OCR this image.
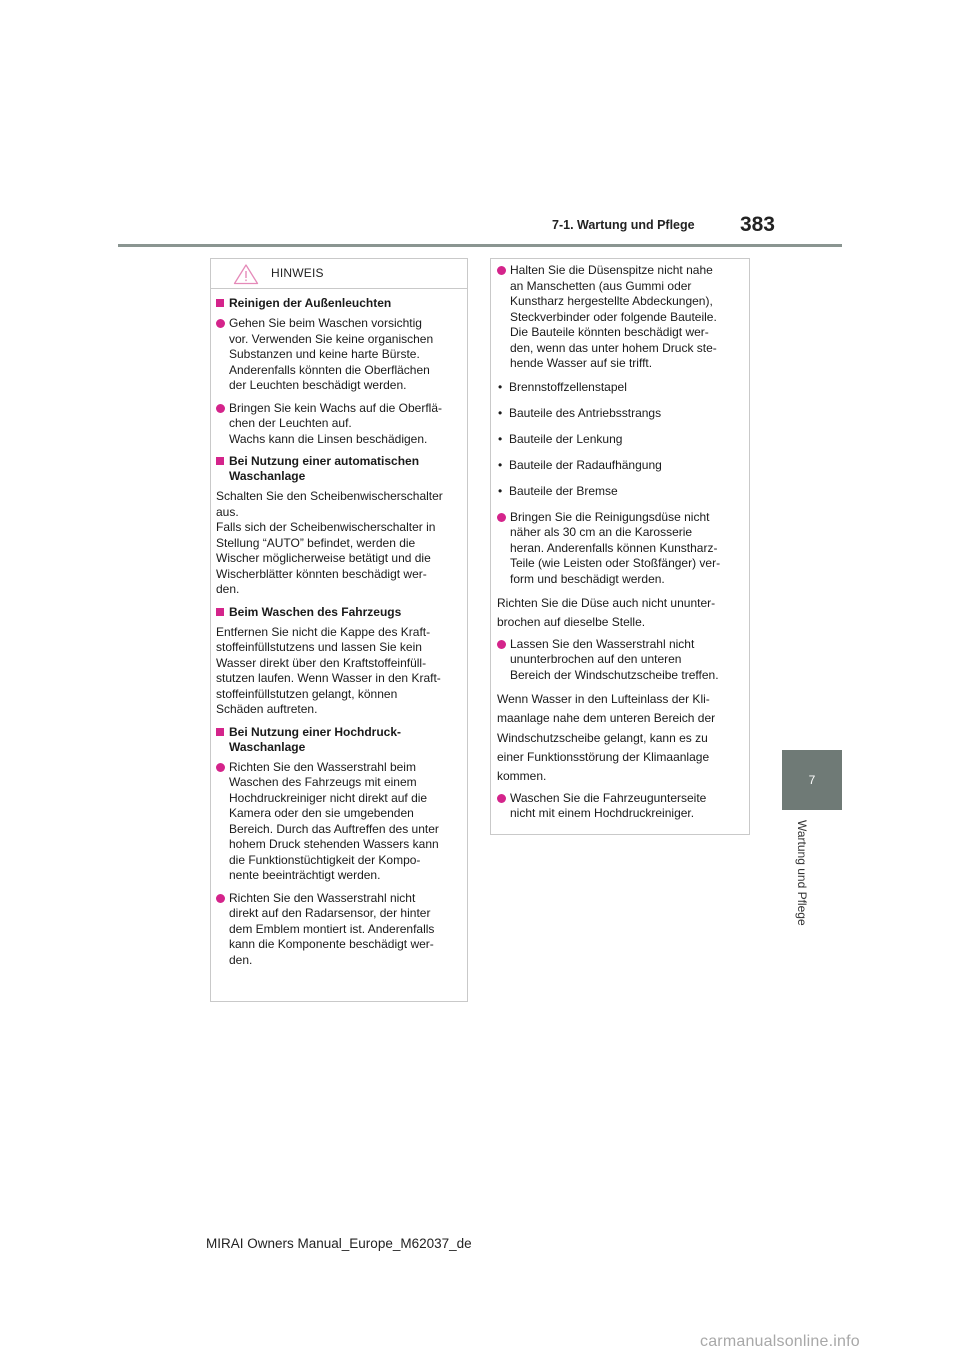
7-1. Wartung und Pflege 383
7
Wartung und Pflege
HINWEIS
Reinigen der Außenleuchten
Gehen Sie beim Waschen vorsichtig
vor. Verwenden Sie keine organischen
Substanzen und keine harte Bürste.
Anderenfalls könnten die Oberflächen
der Leuchten beschädigt werden.
Bringen Sie kein Wachs auf die Oberflä-
chen der Leuchten auf.
Wachs kann die Linsen beschädigen.
Bei Nutzung einer automatischen
Waschanlage
Schalten Sie den Scheibenwischerschalter
aus.
Falls sich der Scheibenwischerschalter in
Stellung “AUTO” befindet, werden die
Wischer möglicherweise betätigt und die
Wischerblätter könnten beschädigt wer-
den.
Beim Waschen des Fahrzeugs
Entfernen Sie nicht die Kappe des Kraft-
stoffeinfüllstutzens und lassen Sie kein
Wasser direkt über den Kraftstoffeinfüll-
stutzen laufen. Wenn Wasser in den Kraft-
stoffeinfüllstutzen gelangt, können
Schäden auftreten.
Bei Nutzung einer Hochdruck-
Waschanlage
Richten Sie den Wasserstrahl beim
Waschen des Fahrzeugs mit einem
Hochdruckreiniger nicht direkt auf die
Kamera oder den sie umgebenden
Bereich. Durch das Auftreffen des unter
hohem Druck stehenden Wassers kann
die Funktionstüchtigkeit der Kompo-
nente beeinträchtigt werden.
Richten Sie den Wasserstrahl nicht
direkt auf den Radarsensor, der hinter
dem Emblem montiert ist. Anderenfalls
kann die Komponente beschädigt wer-
den.
Halten Sie die Düsenspitze nicht nahe
an Manschetten (aus Gummi oder
Kunstharz hergestellte Abdeckungen),
Steckverbinder oder folgende Bauteile.
Die Bauteile könnten beschädigt wer-
den, wenn das unter hohem Druck ste-
hende Wasser auf sie trifft.
• Brennstoffzellenstapel
• Bauteile des Antriebsstrangs
• Bauteile der Lenkung
• Bauteile der Radaufhängung
• Bauteile der Bremse
Bringen Sie die Reinigungsdüse nicht
näher als 30 cm an die Karosserie
heran. Anderenfalls können Kunstharz-
Teile (wie Leisten oder Stoßfänger) ver-
form und beschädigt werden.
Richten Sie die Düse auch nicht ununter-
brochen auf dieselbe Stelle.
Lassen Sie den Wasserstrahl nicht
ununterbrochen auf den unteren
Bereich der Windschutzscheibe treffen.
Wenn Wasser in den Lufteinlass der Kli-
maanlage nahe dem unteren Bereich der
Windschutzscheibe gelangt, kann es zu
einer Funktionsstörung der Klimaanlage
kommen.
Waschen Sie die Fahrzeugunterseite
nicht mit einem Hochdruckreiniger.
MIRAI Owners Manual_Europe_M62037_de
carmanualsonline.info
